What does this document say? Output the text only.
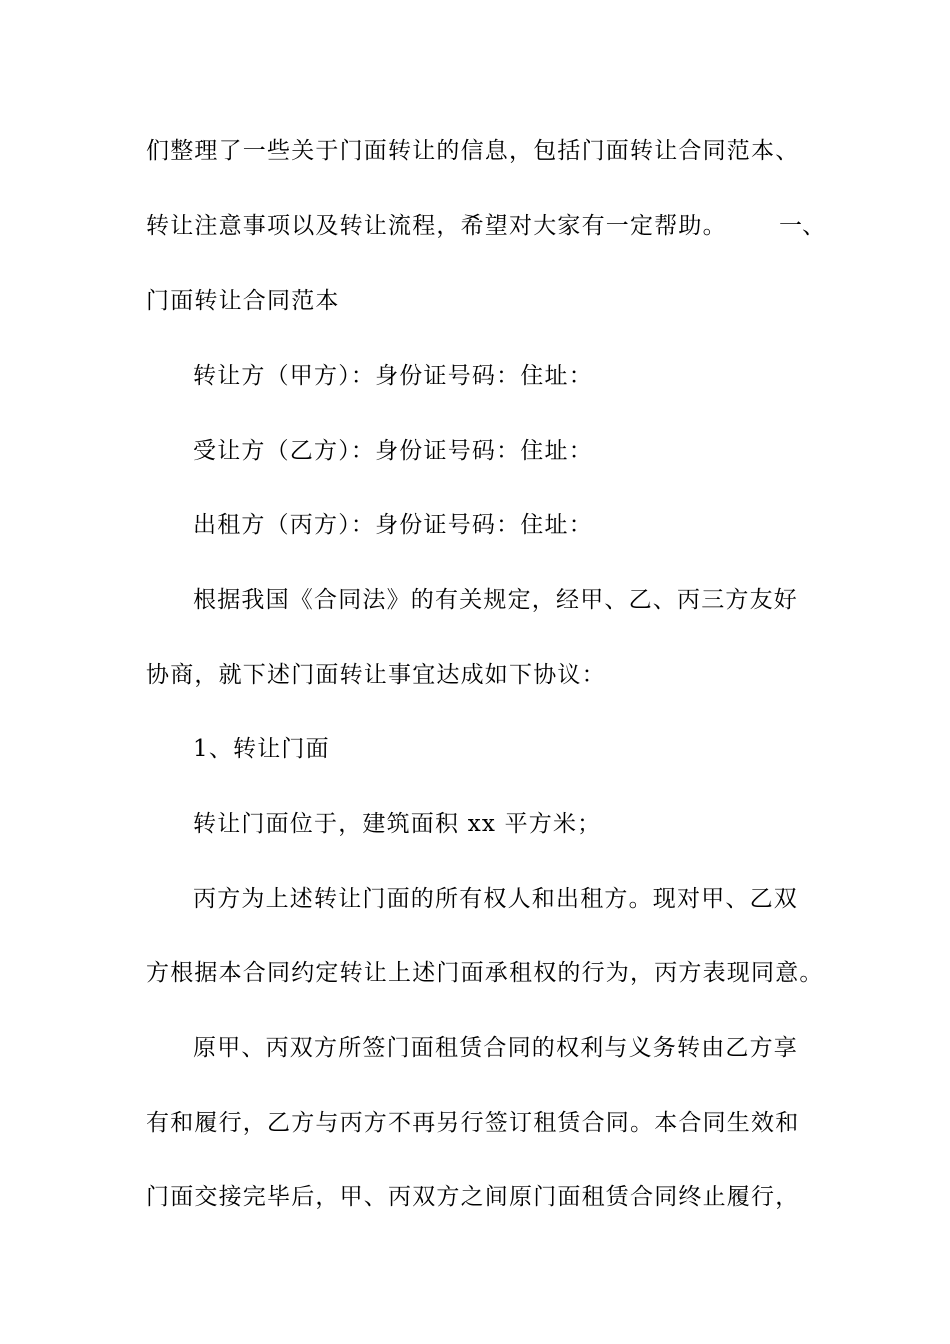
们整理了一些关于门面转让的信息，包括门面转让合同范本、
转让注意事项以及转让流程，希望对大家有一定帮助。 一、
门面转让合同范本
转让方（甲方）：身份证号码：住址：
受让方（乙方）：身份证号码：住址：
出租方（丙方）：身份证号码：住址：
根据我国《合同法》的有关规定，经甲、乙、丙三方友好
协商，就下述门面转让事宜达成如下协议：
1、转让门面
转让门面位于，建筑面积 xx 平方米；
丙方为上述转让门面的所有权人和出租方。现对甲、乙双
方根据本合同约定转让上述门面承租权的行为，丙方表现同意。
原甲、丙双方所签门面租赁合同的权利与义务转由乙方享
有和履行，乙方与丙方不再另行签订租赁合同。本合同生效和
门面交接完毕后，甲、丙双方之间原门面租赁合同终止履行，
